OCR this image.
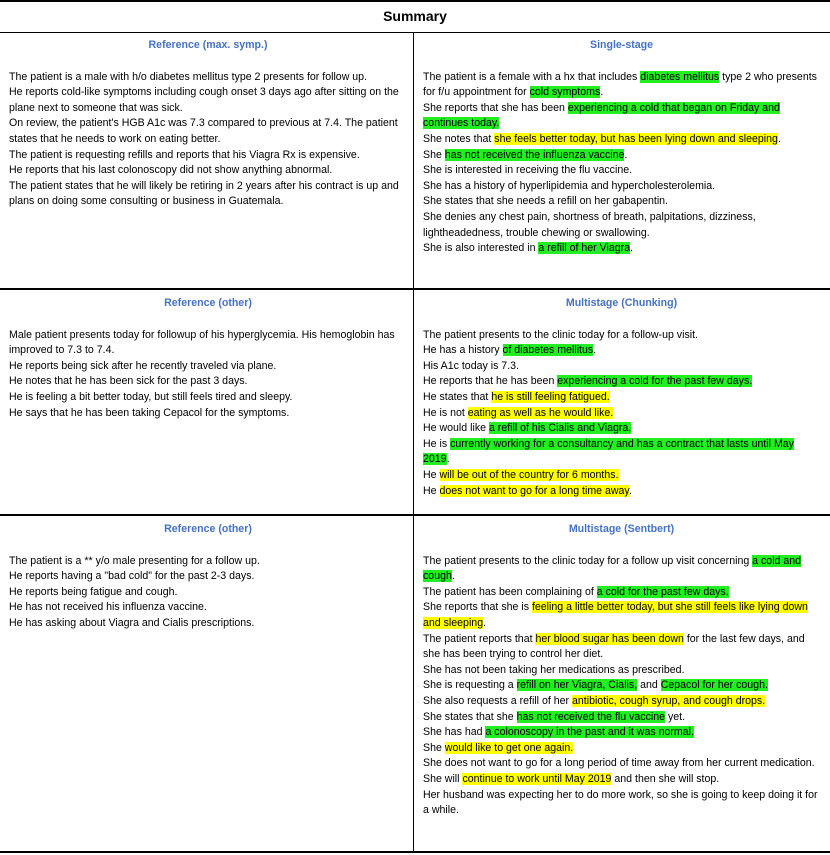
Summary
Reference (max. symp.)
The patient is a male with h/o diabetes mellitus type 2 presents for follow up.
He reports cold-like symptoms including cough onset 3 days ago after sitting on the plane next to someone that was sick.
On review, the patient's HGB A1c was 7.3 compared to previous at 7.4. The patient states that he needs to work on eating better.
The patient is requesting refills and reports that his Viagra Rx is expensive.
He reports that his last colonoscopy did not show anything abnormal.
The patient states that he will likely be retiring in 2 years after his contract is up and plans on doing some consulting or business in Guatemala.
Single-stage
The patient is a female with a hx that includes diabetes mellitus type 2 who presents for f/u appointment for cold symptoms.
She reports that she has been experiencing a cold that began on Friday and continues today.
She notes that she feels better today, but has been lying down and sleeping.
She has not received the influenza vaccine.
She is interested in receiving the flu vaccine.
She has a history of hyperlipidemia and hypercholesterolemia.
She states that she needs a refill on her gabapentin.
She denies any chest pain, shortness of breath, palpitations, dizziness, lightheadedness, trouble chewing or swallowing.
She is also interested in a refill of her Viagra.
Reference (other)
Male patient presents today for followup of his hyperglycemia. His hemoglobin has improved to 7.3 to 7.4.
He reports being sick after he recently traveled via plane.
He notes that he has been sick for the past 3 days.
He is feeling a bit better today, but still feels tired and sleepy.
He says that he has been taking Cepacol for the symptoms.
Multistage (Chunking)
The patient presents to the clinic today for a follow-up visit.
He has a history of diabetes mellitus.
His A1c today is 7.3.
He reports that he has been experiencing a cold for the past few days.
He states that he is still feeling fatigued.
He is not eating as well as he would like.
He would like a refill of his Cialis and Viagra.
He is currently working for a consultancy and has a contract that lasts until May 2019.
He will be out of the country for 6 months.
He does not want to go for a long time away.
Reference (other)
The patient is a ** y/o male presenting for a follow up.
He reports having a "bad cold" for the past 2-3 days.
He reports being fatigue and cough.
He has not received his influenza vaccine.
He has asking about Viagra and Cialis prescriptions.
Multistage (Sentbert)
The patient presents to the clinic today for a follow up visit concerning a cold and cough.
The patient has been complaining of a cold for the past few days.
She reports that she is feeling a little better today, but she still feels like lying down and sleeping.
The patient reports that her blood sugar has been down for the last few days, and she has been trying to control her diet.
She has not been taking her medications as prescribed.
She is requesting a refill on her Viagra, Cialis, and Cepacol for her cough.
She also requests a refill of her antibiotic, cough syrup, and cough drops.
She states that she has not received the flu vaccine yet.
She has had a colonoscopy in the past and it was normal.
She would like to get one again.
She does not want to go for a long period of time away from her current medication.
She will continue to work until May 2019 and then she will stop.
Her husband was expecting her to do more work, so she is going to keep doing it for a while.
